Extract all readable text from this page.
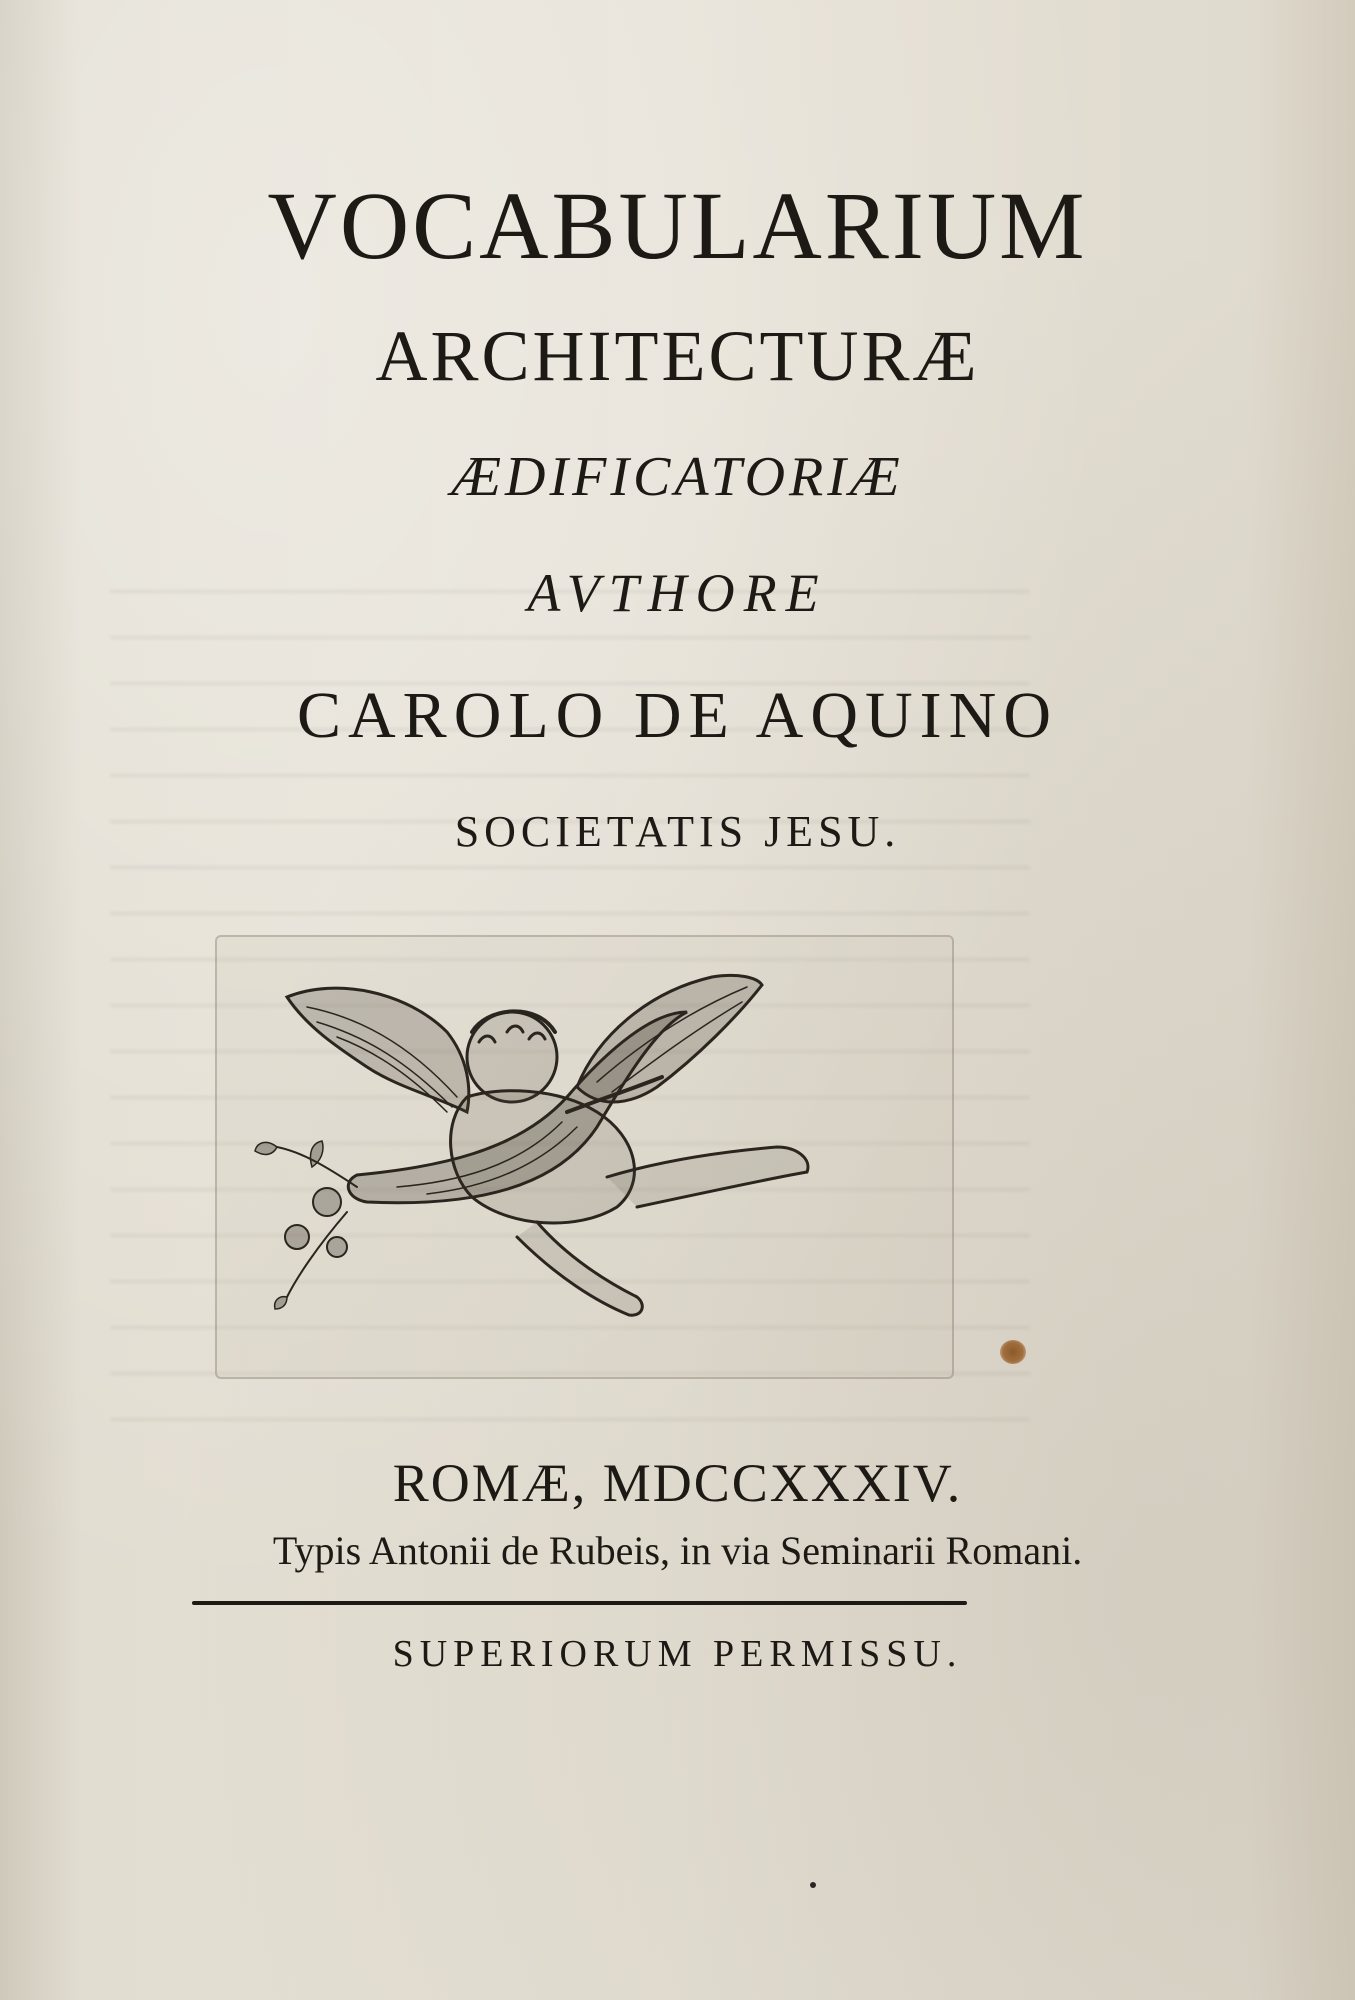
VOCABULARIUM
ARCHITECTURÆ
ÆDIFICATORIÆ
AVTHORE
CAROLO DE AQUINO
SOCIETATIS JESU.
ROMÆ, MDCCXXXIV.
Typis Antonii de Rubeis, in via Seminarii Romani.
SUPERIORUM PERMISSU.
